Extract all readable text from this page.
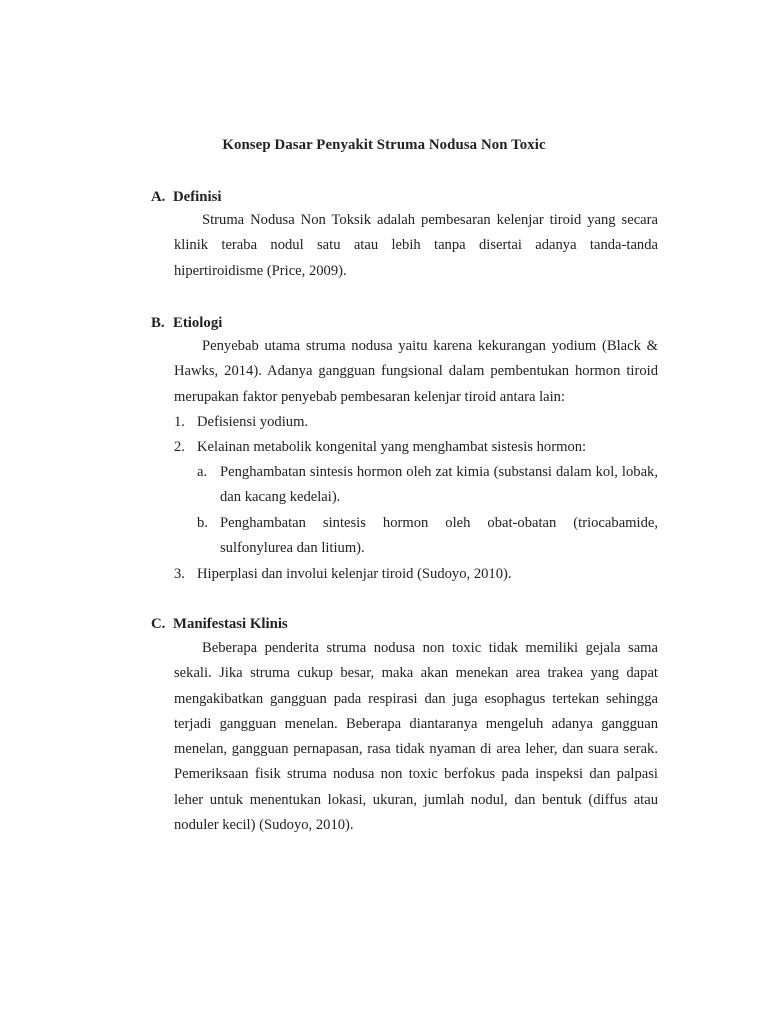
Konsep Dasar Penyakit Struma Nodusa Non Toxic
A. Definisi
Struma Nodusa Non Toksik adalah pembesaran kelenjar tiroid yang secara klinik teraba nodul satu atau lebih tanpa disertai adanya tanda-tanda hipertiroidisme (Price, 2009).
B. Etiologi
Penyebab utama struma nodusa yaitu karena kekurangan yodium (Black & Hawks, 2014). Adanya gangguan fungsional dalam pembentukan hormon tiroid merupakan faktor penyebab pembesaran kelenjar tiroid antara lain:
1. Defisiensi yodium.
2. Kelainan metabolik kongenital yang menghambat sistesis hormon:
a. Penghambatan sintesis hormon oleh zat kimia (substansi dalam kol, lobak, dan kacang kedelai).
b. Penghambatan sintesis hormon oleh obat-obatan (triocabamide, sulfonylurea dan litium).
3. Hiperplasi dan involui kelenjar tiroid (Sudoyo, 2010).
C. Manifestasi Klinis
Beberapa penderita struma nodusa non toxic tidak memiliki gejala sama sekali. Jika struma cukup besar, maka akan menekan area trakea yang dapat mengakibatkan gangguan pada respirasi dan juga esophagus tertekan sehingga terjadi gangguan menelan. Beberapa diantaranya mengeluh adanya gangguan menelan, gangguan pernapasan, rasa tidak nyaman di area leher, dan suara serak. Pemeriksaan fisik struma nodusa non toxic berfokus pada inspeksi dan palpasi leher untuk menentukan lokasi, ukuran, jumlah nodul, dan bentuk (diffus atau noduler kecil) (Sudoyo, 2010).
